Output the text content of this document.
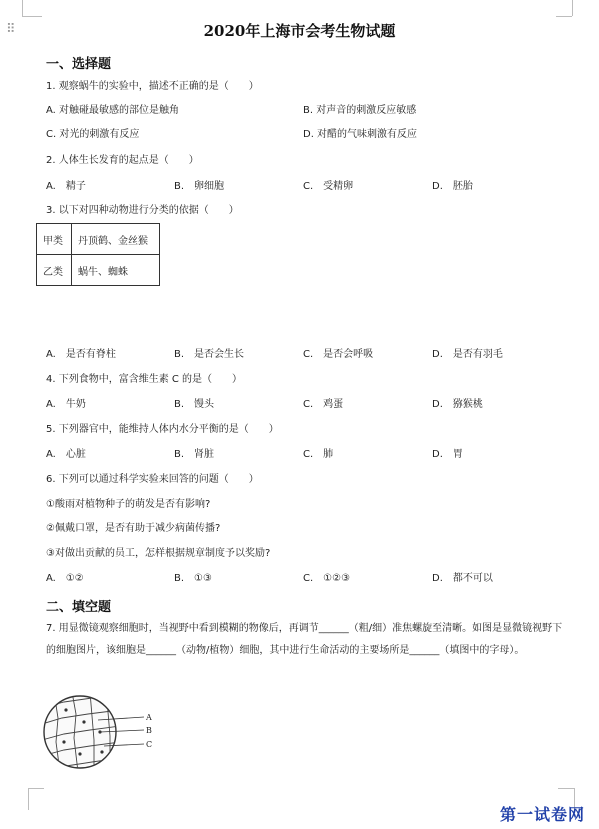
⠿	2020年上海市会考生物试题
一、选择题
1. 观察蜗牛的实验中，描述不正确的是（　　）
A. 对触碰最敏感的部位是触角	B. 对声音的刺激反应敏感
C. 对光的刺激有反应	D. 对醋的气味刺激有反应
2. 人体生长发育的起点是（　　）
A.　精子	B.　卵细胞	C.　受精卵	D.　胚胎
3. 以下对四种动物进行分类的依据（　　）
甲类	丹顶鹤、金丝猴
乙类	蜗牛、蜘蛛
A.　是否有脊柱	B.　是否会生长	C.　是否会呼吸	D.　是否有羽毛
4. 下列食物中，富含维生素 C 的是（　　）
A.　牛奶	B.　馒头	C.　鸡蛋	D.　猕猴桃
5. 下列器官中，能维持人体内水分平衡的是（　　）
A.　心脏	B.　肾脏	C.　肺	D.　胃
6. 下列可以通过科学实验来回答的问题（　　）
①酸雨对植物种子的萌发是否有影响?
②佩戴口罩，是否有助于减少病菌传播?
③对做出贡献的员工，怎样根据规章制度予以奖励?
A.　①②	B.　①③	C.　①②③	D.　都不可以
二、填空题
7. 用显微镜观察细胞时，当视野中看到模糊的物像后，再调节______（粗/细）准焦螺旋至清晰。如图是显微镜视野下的细胞图片，该细胞是______（动物/植物）细胞，其中进行生命活动的主要场所是______（填图中的字母）。
A
B
C
第一试卷网
